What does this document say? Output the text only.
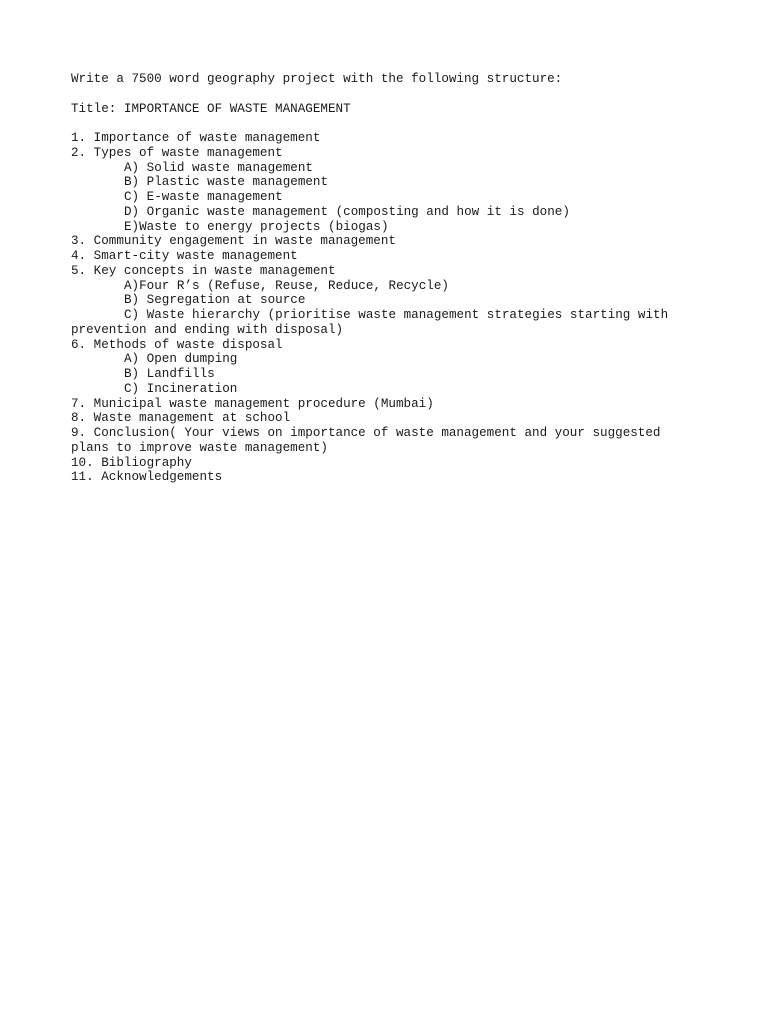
Write a 7500 word geography project with the following structure:
Title: IMPORTANCE OF WASTE MANAGEMENT
1. Importance of waste management
2. Types of waste management
A) Solid waste management
B) Plastic waste management
C) E-waste management
D) Organic waste management (composting and how it is done)
E)Waste to energy projects (biogas)
3. Community engagement in waste management
4. Smart-city waste management
5. Key concepts in waste management
A)Four R’s (Refuse, Reuse, Reduce, Recycle)
B) Segregation at source
C) Waste hierarchy (prioritise waste management strategies starting with
prevention and ending with disposal)
6. Methods of waste disposal
A) Open dumping
B) Landfills
C) Incineration
7. Municipal waste management procedure (Mumbai)
8. Waste management at school
9. Conclusion( Your views on importance of waste management and your suggested
plans to improve waste management)
10. Bibliography
11. Acknowledgements
